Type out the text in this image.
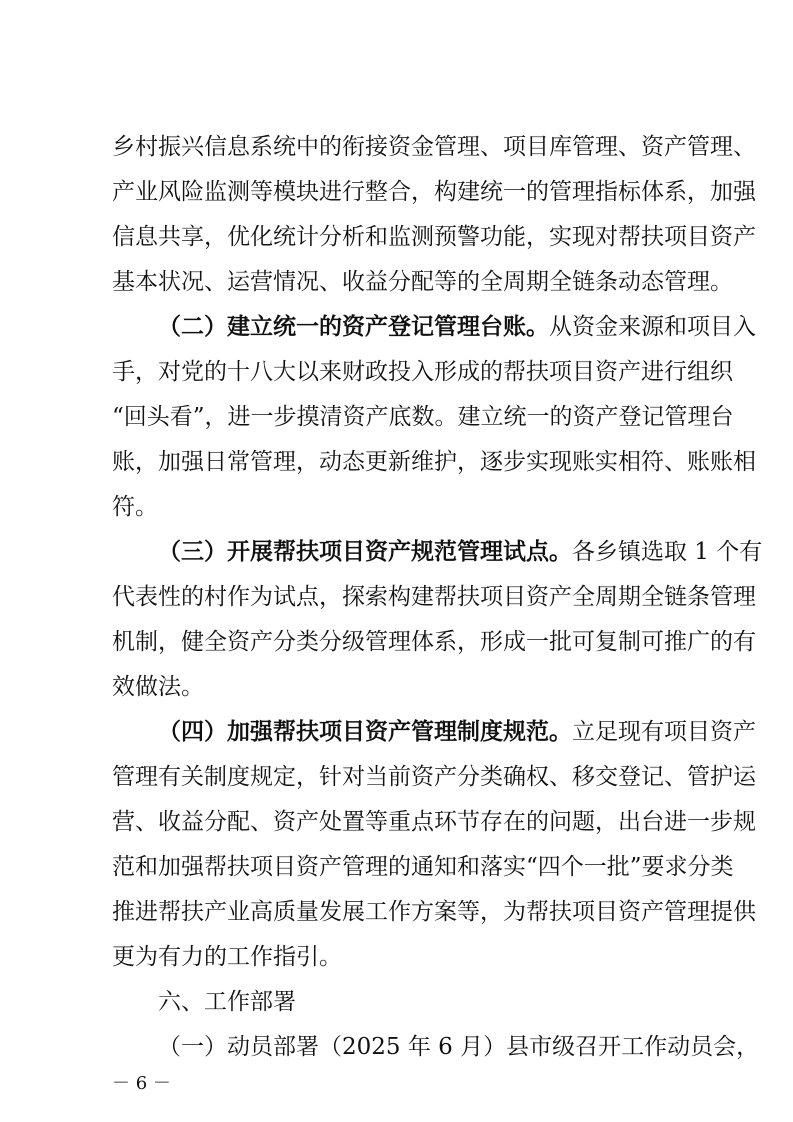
乡村振兴信息系统中的衔接资金管理、项目库管理、资产管理、
产业风险监测等模块进行整合，构建统一的管理指标体系，加强
信息共享，优化统计分析和监测预警功能，实现对帮扶项目资产
基本状况、运营情况、收益分配等的全周期全链条动态管理。
（二）建立统一的资产登记管理台账。从资金来源和项目入
手，对党的十八大以来财政投入形成的帮扶项目资产进行组织
“回头看”，进一步摸清资产底数。建立统一的资产登记管理台
账，加强日常管理，动态更新维护，逐步实现账实相符、账账相
符。
（三）开展帮扶项目资产规范管理试点。各乡镇选取 1 个有
代表性的村作为试点，探索构建帮扶项目资产全周期全链条管理
机制，健全资产分类分级管理体系，形成一批可复制可推广的有
效做法。
（四）加强帮扶项目资产管理制度规范。立足现有项目资产
管理有关制度规定，针对当前资产分类确权、移交登记、管护运
营、收益分配、资产处置等重点环节存在的问题，出台进一步规
范和加强帮扶项目资产管理的通知和落实“四个一批”要求分类
推进帮扶产业高质量发展工作方案等，为帮扶项目资产管理提供
更为有力的工作指引。
六、工作部署
（一）动员部署（2025 年 6 月）县市级召开工作动员会，
－ 6 －
